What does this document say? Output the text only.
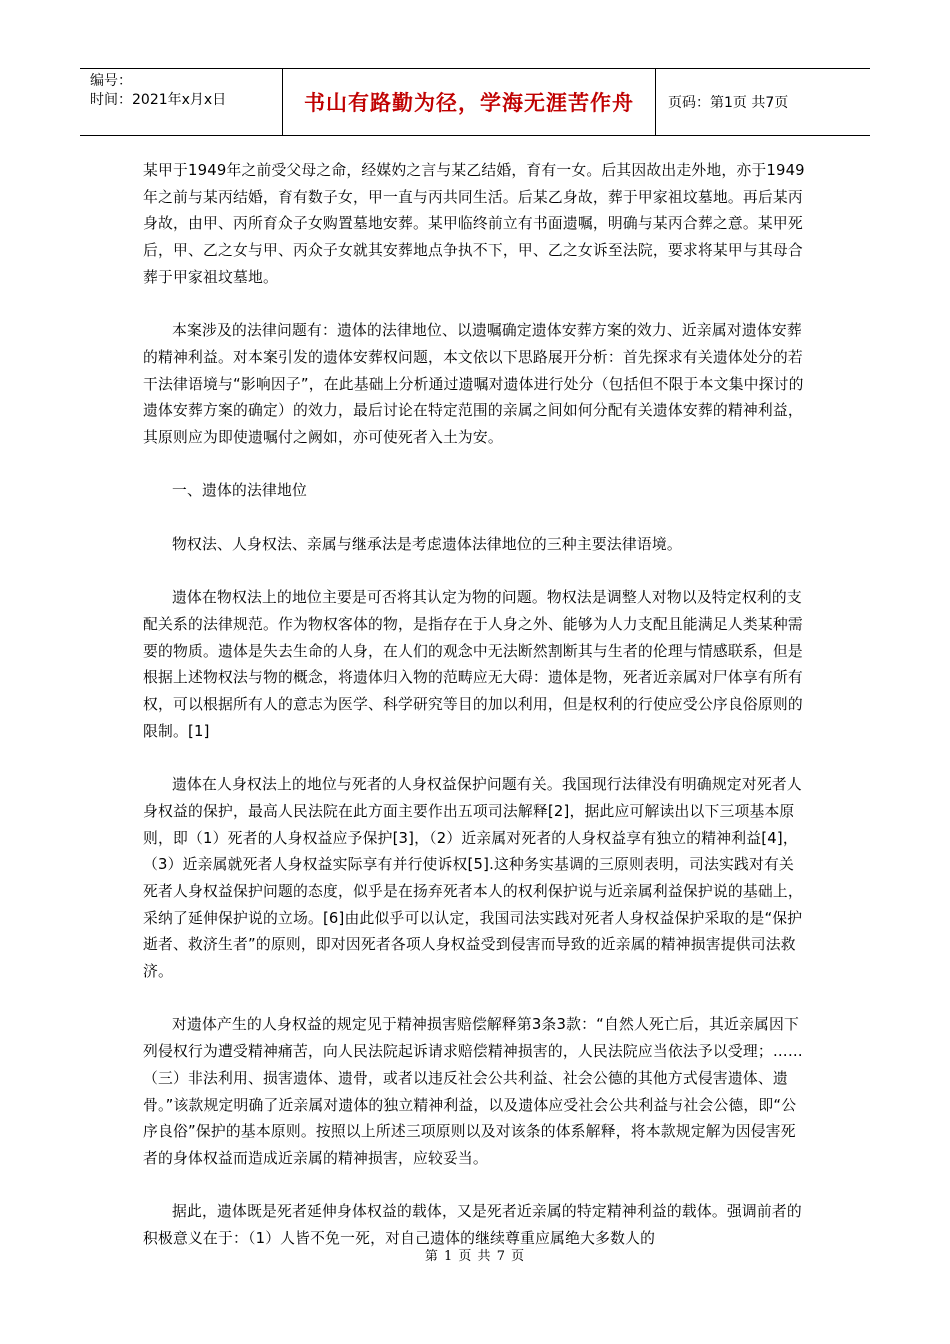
编号：
时间：2021年x月x日	书山有路勤为径，学海无涯苦作舟	页码：第1页 共7页

某甲于1949年之前受父母之命，经媒妁之言与某乙结婚，育有一女。后其因故出走外地，亦于1949年之前与某丙结婚，育有数子女，甲一直与丙共同生活。后某乙身故，葬于甲家祖坟墓地。再后某丙身故，由甲、丙所育众子女购置墓地安葬。某甲临终前立有书面遗嘱，明确与某丙合葬之意。某甲死后，甲、乙之女与甲、丙众子女就其安葬地点争执不下，甲、乙之女诉至法院，要求将某甲与其母合葬于甲家祖坟墓地。

本案涉及的法律问题有：遗体的法律地位、以遗嘱确定遗体安葬方案的效力、近亲属对遗体安葬的精神利益。对本案引发的遗体安葬权问题，本文依以下思路展开分析：首先探求有关遗体处分的若干法律语境与“影响因子”，在此基础上分析通过遗嘱对遗体进行处分（包括但不限于本文集中探讨的遗体安葬方案的确定）的效力，最后讨论在特定范围的亲属之间如何分配有关遗体安葬的精神利益，其原则应为即使遗嘱付之阙如，亦可使死者入土为安。

一、遗体的法律地位

物权法、人身权法、亲属与继承法是考虑遗体法律地位的三种主要法律语境。

遗体在物权法上的地位主要是可否将其认定为物的问题。物权法是调整人对物以及特定权利的支配关系的法律规范。作为物权客体的物，是指存在于人身之外、能够为人力支配且能满足人类某种需要的物质。遗体是失去生命的人身，在人们的观念中无法断然割断其与生者的伦理与情感联系，但是根据上述物权法与物的概念，将遗体归入物的范畴应无大碍：遗体是物，死者近亲属对尸体享有所有权，可以根据所有人的意志为医学、科学研究等目的加以利用，但是权利的行使应受公序良俗原则的限制。[1]

遗体在人身权法上的地位与死者的人身权益保护问题有关。我国现行法律没有明确规定对死者人身权益的保护，最高人民法院在此方面主要作出五项司法解释[2]，据此应可解读出以下三项基本原则，即（1）死者的人身权益应予保护[3]，（2）近亲属对死者的人身权益享有独立的精神利益[4]，（3）近亲属就死者人身权益实际享有并行使诉权[5].这种务实基调的三原则表明，司法实践对有关死者人身权益保护问题的态度，似乎是在扬弃死者本人的权利保护说与近亲属利益保护说的基础上，采纳了延伸保护说的立场。[6]由此似乎可以认定，我国司法实践对死者人身权益保护采取的是“保护逝者、救济生者”的原则，即对因死者各项人身权益受到侵害而导致的近亲属的精神损害提供司法救济。

对遗体产生的人身权益的规定见于精神损害赔偿解释第3条3款：“自然人死亡后，其近亲属因下列侵权行为遭受精神痛苦，向人民法院起诉请求赔偿精神损害的，人民法院应当依法予以受理；……（三）非法利用、损害遗体、遗骨，或者以违反社会公共利益、社会公德的其他方式侵害遗体、遗骨。”该款规定明确了近亲属对遗体的独立精神利益，以及遗体应受社会公共利益与社会公德，即“公序良俗”保护的基本原则。按照以上所述三项原则以及对该条的体系解释，将本款规定解为因侵害死者的身体权益而造成近亲属的精神损害，应较妥当。

据此，遗体既是死者延伸身体权益的载体，又是死者近亲属的特定精神利益的载体。强调前者的积极意义在于：（1）人皆不免一死，对自己遗体的继续尊重应属绝大多数人的

第 1 页 共 7 页
